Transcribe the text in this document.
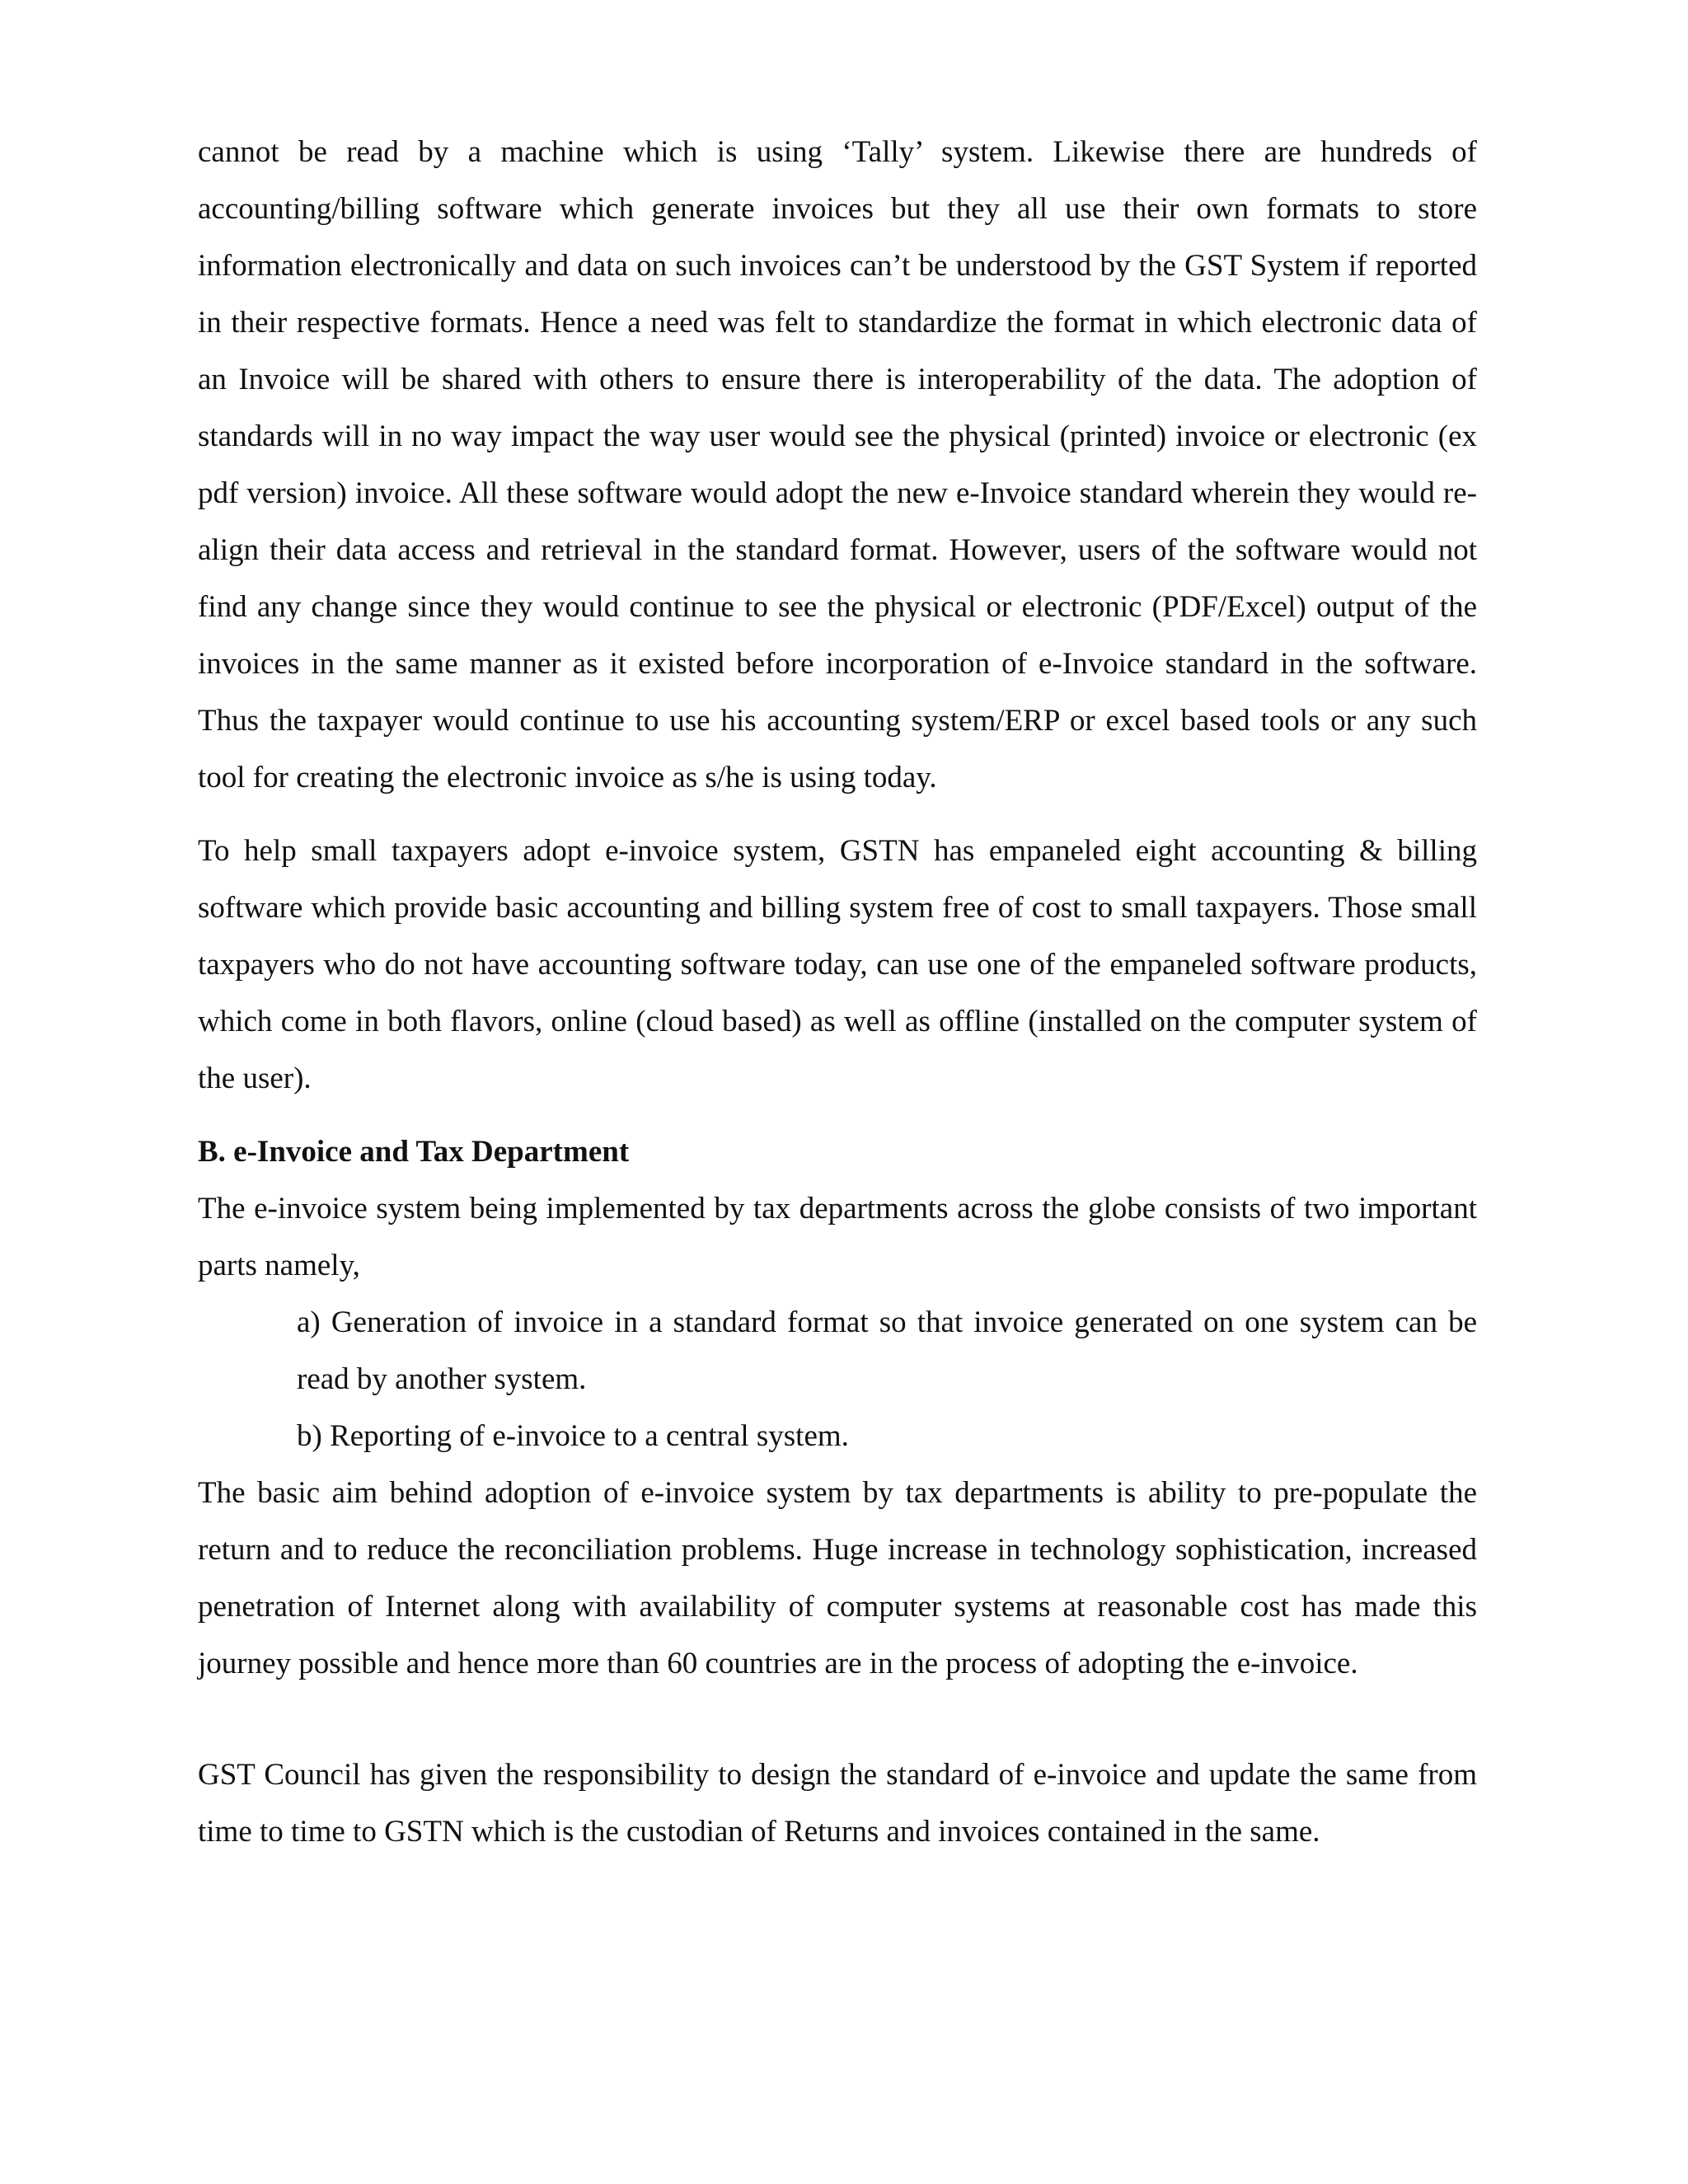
cannot be read by a machine which is using ‘Tally’ system. Likewise there are hundreds of accounting/billing software which generate invoices but they all use their own formats to store information electronically and data on such invoices can’t be understood by the GST System if reported in their respective formats. Hence a need was felt to standardize the format in which electronic data of an Invoice will be shared with others to ensure there is interoperability of the data. The adoption of standards will in no way impact the way user would see the physical (printed) invoice or electronic (ex pdf version) invoice. All these software would adopt the new e-Invoice standard wherein they would re-align their data access and retrieval in the standard format. However, users of the software would not find any change since they would continue to see the physical or electronic (PDF/Excel) output of the invoices in the same manner as it existed before incorporation of e-Invoice standard in the software. Thus the taxpayer would continue to use his accounting system/ERP or excel based tools or any such tool for creating the electronic invoice as s/he is using today.

To help small taxpayers adopt e-invoice system, GSTN has empaneled eight accounting & billing software which provide basic accounting and billing system free of cost to small taxpayers. Those small taxpayers who do not have accounting software today, can use one of the empaneled software products, which come in both flavors, online (cloud based) as well as offline (installed on the computer system of the user).

B. e-Invoice and Tax Department

The e-invoice system being implemented by tax departments across the globe consists of two important parts namely,

a) Generation of invoice in a standard format so that invoice generated on one system can be read by another system.
b) Reporting of e-invoice to a central system.

The basic aim behind adoption of e-invoice system by tax departments is ability to pre-populate the return and to reduce the reconciliation problems. Huge increase in technology sophistication, increased penetration of Internet along with availability of computer systems at reasonable cost has made this journey possible and hence more than 60 countries are in the process of adopting the e-invoice.

GST Council has given the responsibility to design the standard of e-invoice and update the same from time to time to GSTN which is the custodian of Returns and invoices contained in the same.
